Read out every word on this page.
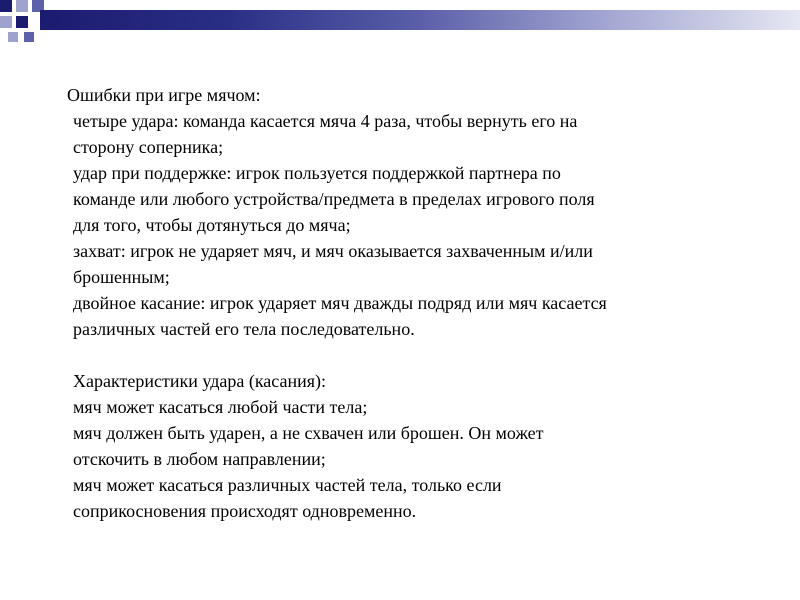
Ошибки при игре мячом:

четыре удара: команда касается мяча 4 раза, чтобы вернуть его на

сторону соперника;

удар при поддержке: игрок пользуется поддержкой партнера по

команде или любого устройства/предмета в пределах игрового поля

для того, чтобы дотянуться до мяча;

захват: игрок не ударяет мяч, и мяч оказывается захваченным и/или

брошенным;

двойное касание: игрок ударяет мяч дважды подряд или мяч касается

различных частей его тела последовательно.

Характеристики удара (касания):

мяч может касаться любой части тела;

мяч должен быть ударен, а не схвачен или брошен. Он может

отскочить в любом направлении;

мяч может касаться различных частей тела, только если

соприкосновения происходят одновременно.
